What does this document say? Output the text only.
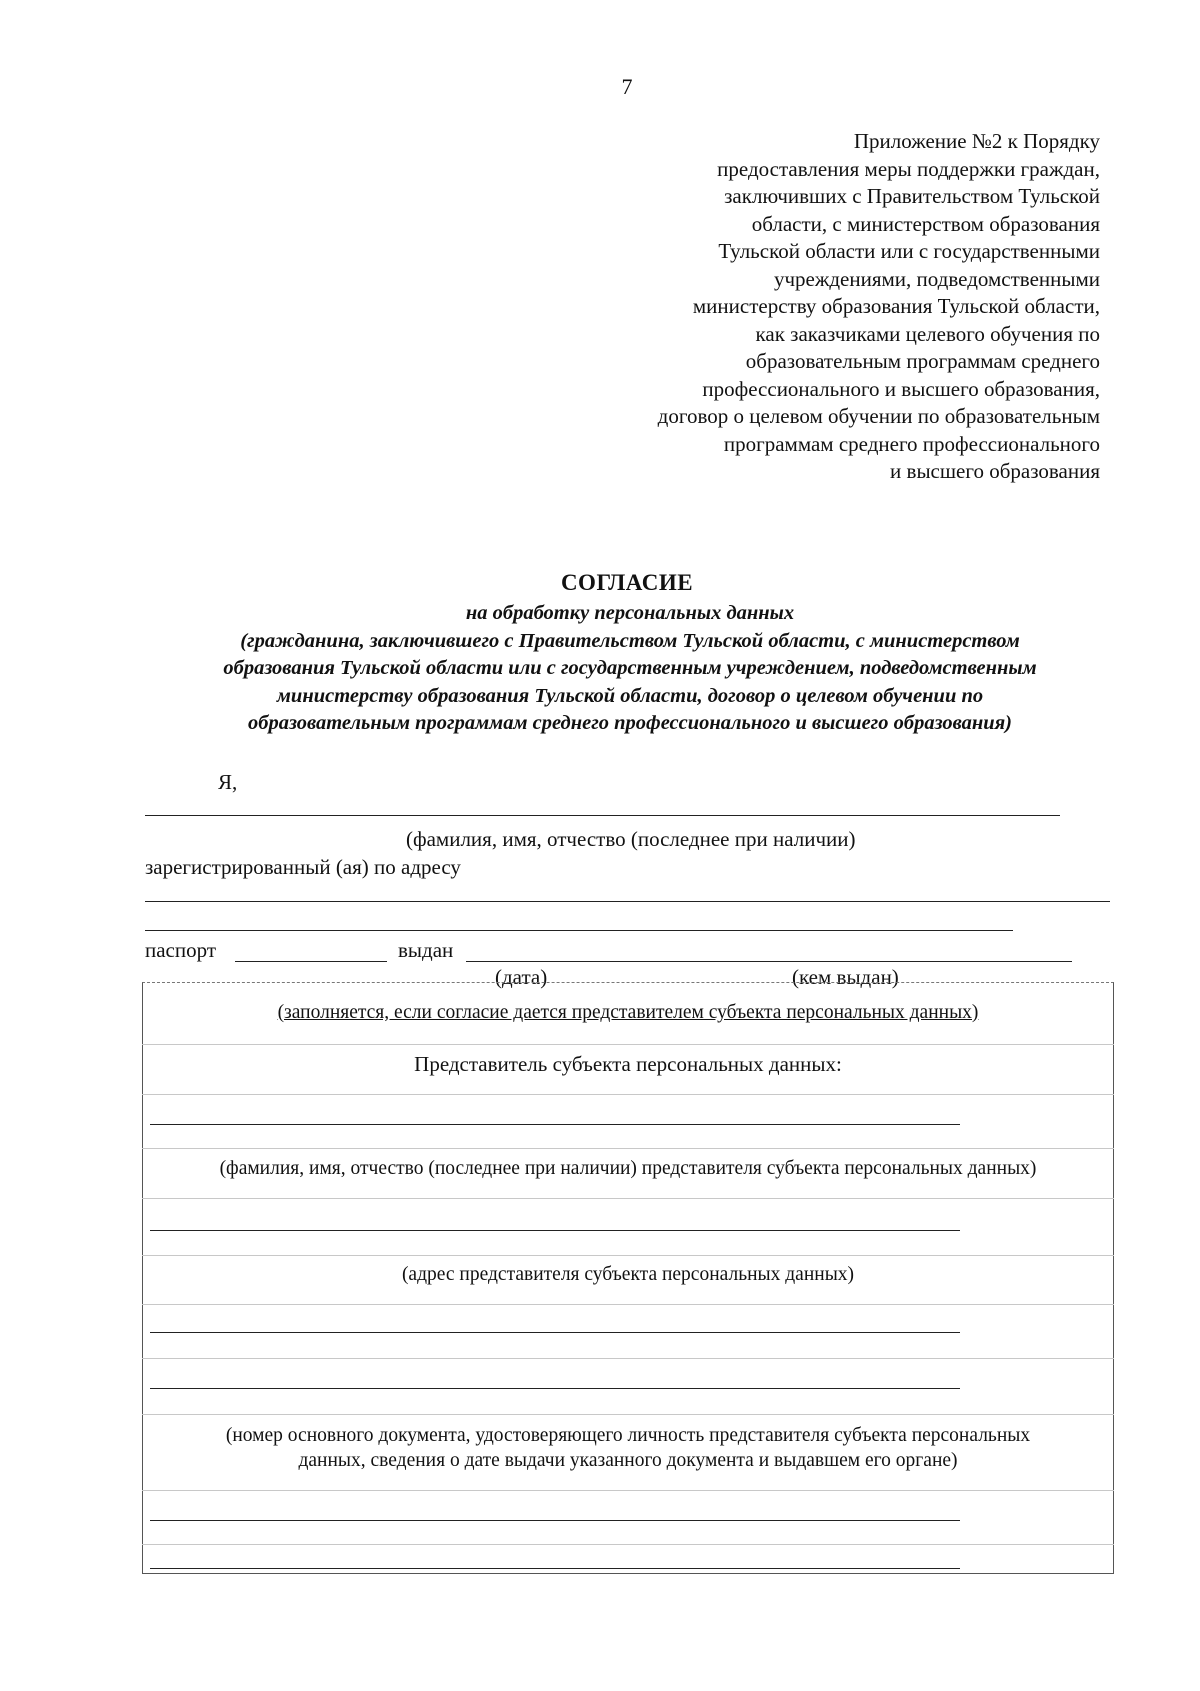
7
Приложение №2 к Порядку
предоставления меры поддержки граждан,
заключивших с Правительством Тульской
области, с министерством образования
Тульской области или с государственными
учреждениями, подведомственными
министерству образования Тульской области,
как заказчиками целевого обучения по
образовательным программам среднего
профессионального и высшего образования,
договор о целевом обучении по образовательным
программам среднего профессионального
и высшего образования
СОГЛАСИЕ
на обработку персональных данных
(гражданина, заключившего с Правительством Тульской области, с министерством
образования Тульской области или с государственным учреждением, подведомственным
министерству образования Тульской области, договор о целевом обучении по
образовательным программам среднего профессионального и высшего образования)
Я,
(фамилия, имя, отчество (последнее при наличии)
зарегистрированный (ая) по адресу
паспорт	выдан
(дата)	(кем выдан)
(заполняется, если согласие дается представителем субъекта персональных данных)
Представитель субъекта персональных данных:
(фамилия, имя, отчество (последнее при наличии) представителя субъекта персональных данных)
(адрес представителя субъекта персональных данных)
(номер основного документа, удостоверяющего личность представителя субъекта персональных
данных, сведения о дате выдачи указанного документа и выдавшем его органе)
